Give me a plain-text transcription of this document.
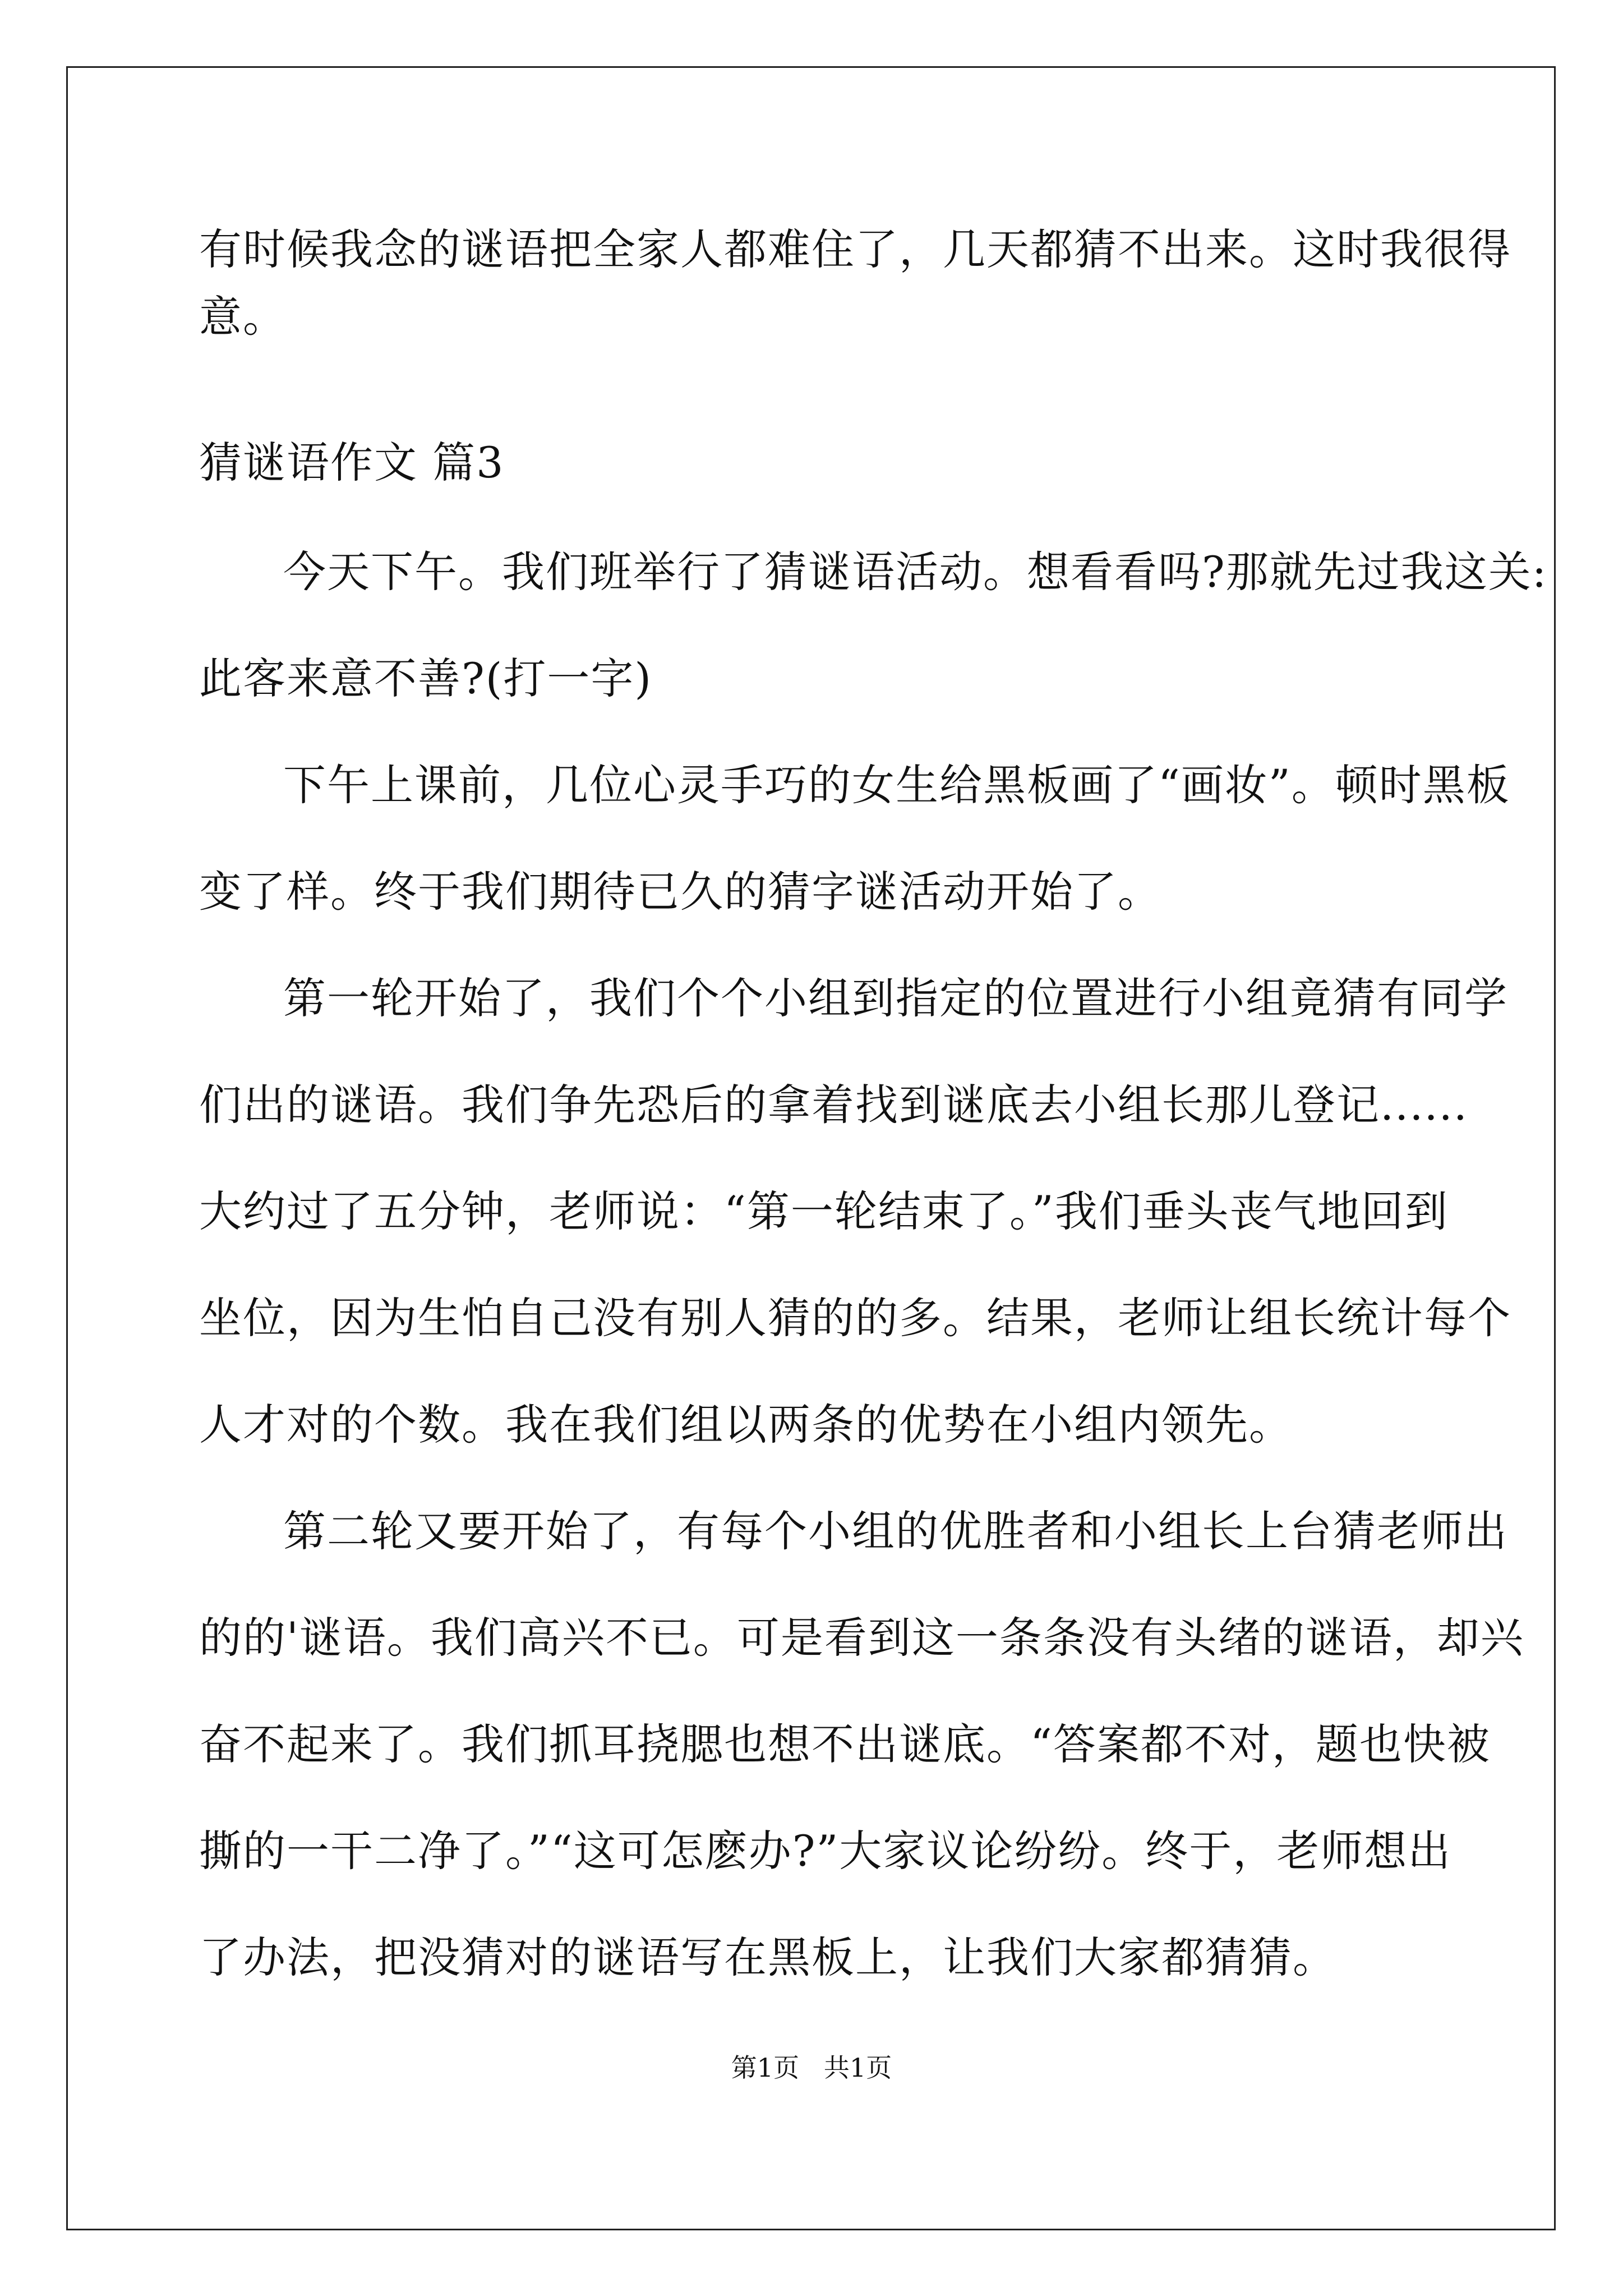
有时候我念的谜语把全家人都难住了，几天都猜不出来。这时我很得
意。
猜谜语作文 篇3
今天下午。我们班举行了猜谜语活动。想看看吗?那就先过我这关:
此客来意不善?(打一字)
下午上课前，几位心灵手巧的女生给黑板画了“画妆”。顿时黑板
变了样。终于我们期待已久的猜字谜活动开始了。
第一轮开始了，我们个个小组到指定的位置进行小组竟猜有同学
们出的谜语。我们争先恐后的拿着找到谜底去小组长那儿登记......
大约过了五分钟，老师说：“第一轮结束了。”我们垂头丧气地回到
坐位，因为生怕自己没有别人猜的的多。结果，老师让组长统计每个
人才对的个数。我在我们组以两条的优势在小组内领先。
第二轮又要开始了，有每个小组的优胜者和小组长上台猜老师出
的的'谜语。我们高兴不已。可是看到这一条条没有头绪的谜语，却兴
奋不起来了。我们抓耳挠腮也想不出谜底。“答案都不对，题也快被
撕的一干二净了。”“这可怎麽办?”大家议论纷纷。终于，老师想出
了办法，把没猜对的谜语写在黑板上，让我们大家都猜猜。
第1页   共1页
